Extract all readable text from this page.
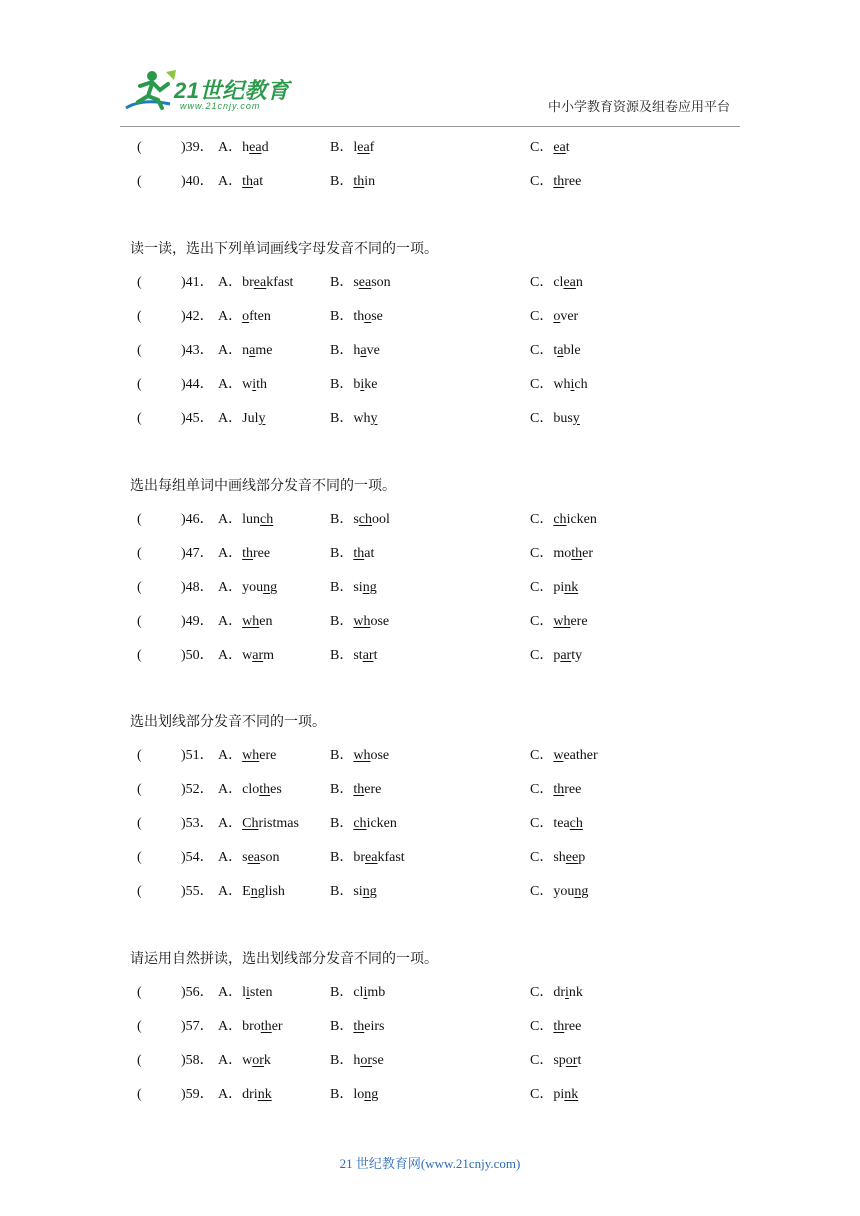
21世纪教育
www.21cnjy.com	中小学教育资源及组卷应用平台
(	)39． A．head	B．leaf	C．eat
(	)40． A．that	B．thin	C．three
读一读，选出下列单词画线字母发音不同的一项。
(	)41． A．breakfast	B．season	C．clean
(	)42． A．often	B．those	C．over
(	)43． A．name	B．have	C．table
(	)44． A．with	B．bike	C．which
(	)45． A．July	B．why	C．busy
选出每组单词中画线部分发音不同的一项。
(	)46． A．lunch	B．school	C．chicken
(	)47． A．three	B．that	C．mother
(	)48． A．young	B．sing	C．pink
(	)49． A．when	B．whose	C．where
(	)50． A．warm	B．start	C．party
选出划线部分发音不同的一项。
(	)51． A．where	B．whose	C．weather
(	)52． A．clothes	B．there	C．three
(	)53． A．Christmas B．chicken	C．teach
(	)54． A．season	B．breakfast	C．sheep
(	)55． A．English	B．sing	C．young
请运用自然拼读，选出划线部分发音不同的一项。
(	)56． A．listen	B．climb	C．drink
(	)57． A．brother	B．theirs	C．three
(	)58． A．work	B．horse	C．sport
(	)59． A．drink	B．long	C．pink
21 世纪教育网(www.21cnjy.com)
